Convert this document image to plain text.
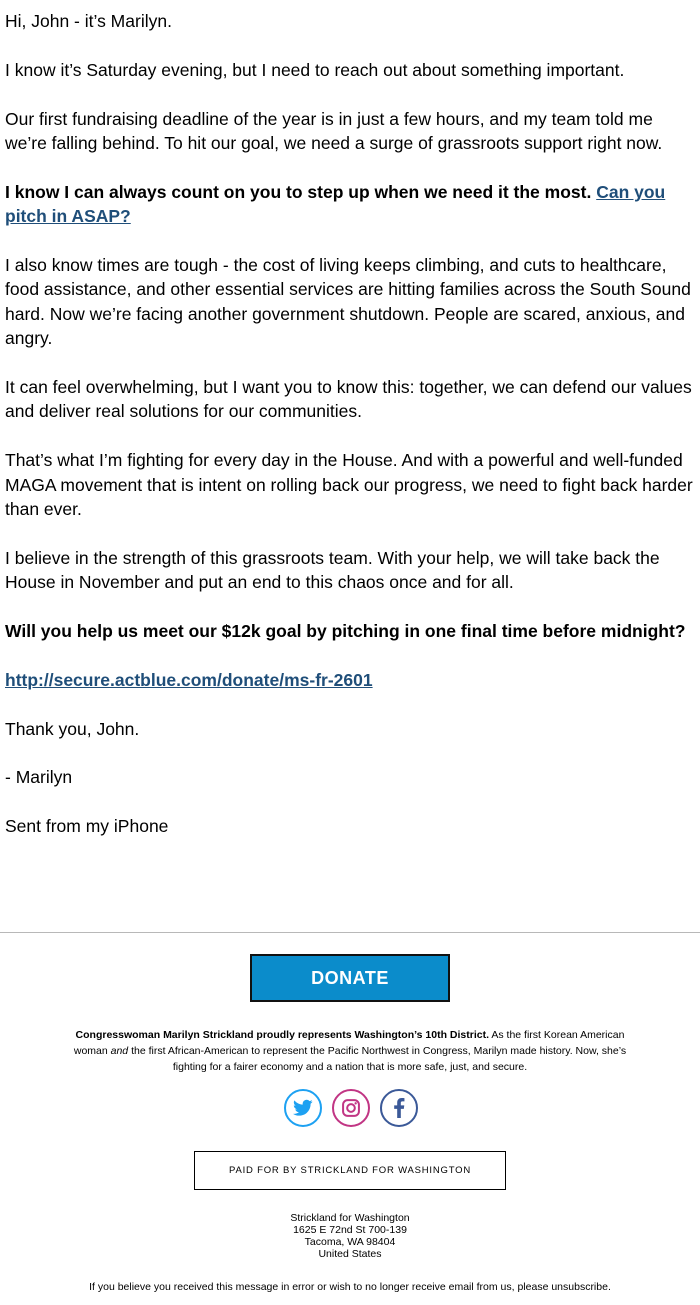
Hi, John - it’s Marilyn.

I know it’s Saturday evening, but I need to reach out about something important.

Our first fundraising deadline of the year is in just a few hours, and my team told me we’re falling behind. To hit our goal, we need a surge of grassroots support right now.

I know I can always count on you to step up when we need it the most. Can you pitch in ASAP?

I also know times are tough - the cost of living keeps climbing, and cuts to healthcare, food assistance, and other essential services are hitting families across the South Sound hard. Now we’re facing another government shutdown. People are scared, anxious, and angry.

It can feel overwhelming, but I want you to know this: together, we can defend our values and deliver real solutions for our communities.

That’s what I’m fighting for every day in the House. And with a powerful and well-funded MAGA movement that is intent on rolling back our progress, we need to fight back harder than ever.

I believe in the strength of this grassroots team. With your help, we will take back the House in November and put an end to this chaos once and for all.

Will you help us meet our $12k goal by pitching in one final time before midnight?

http://secure.actblue.com/donate/ms-fr-2601

Thank you, John.

- Marilyn

Sent from my iPhone

DONATE
Congresswoman Marilyn Strickland proudly represents Washington’s 10th District. As the first Korean American woman and the first African-American to represent the Pacific Northwest in Congress, Marilyn made history. Now, she’s fighting for a fairer economy and a nation that is more safe, just, and secure.
PAID FOR BY STRICKLAND FOR WASHINGTON
Strickland for Washington
1625 E 72nd St 700-139
Tacoma, WA 98404
United States
If you believe you received this message in error or wish to no longer receive email from us, please unsubscribe.
